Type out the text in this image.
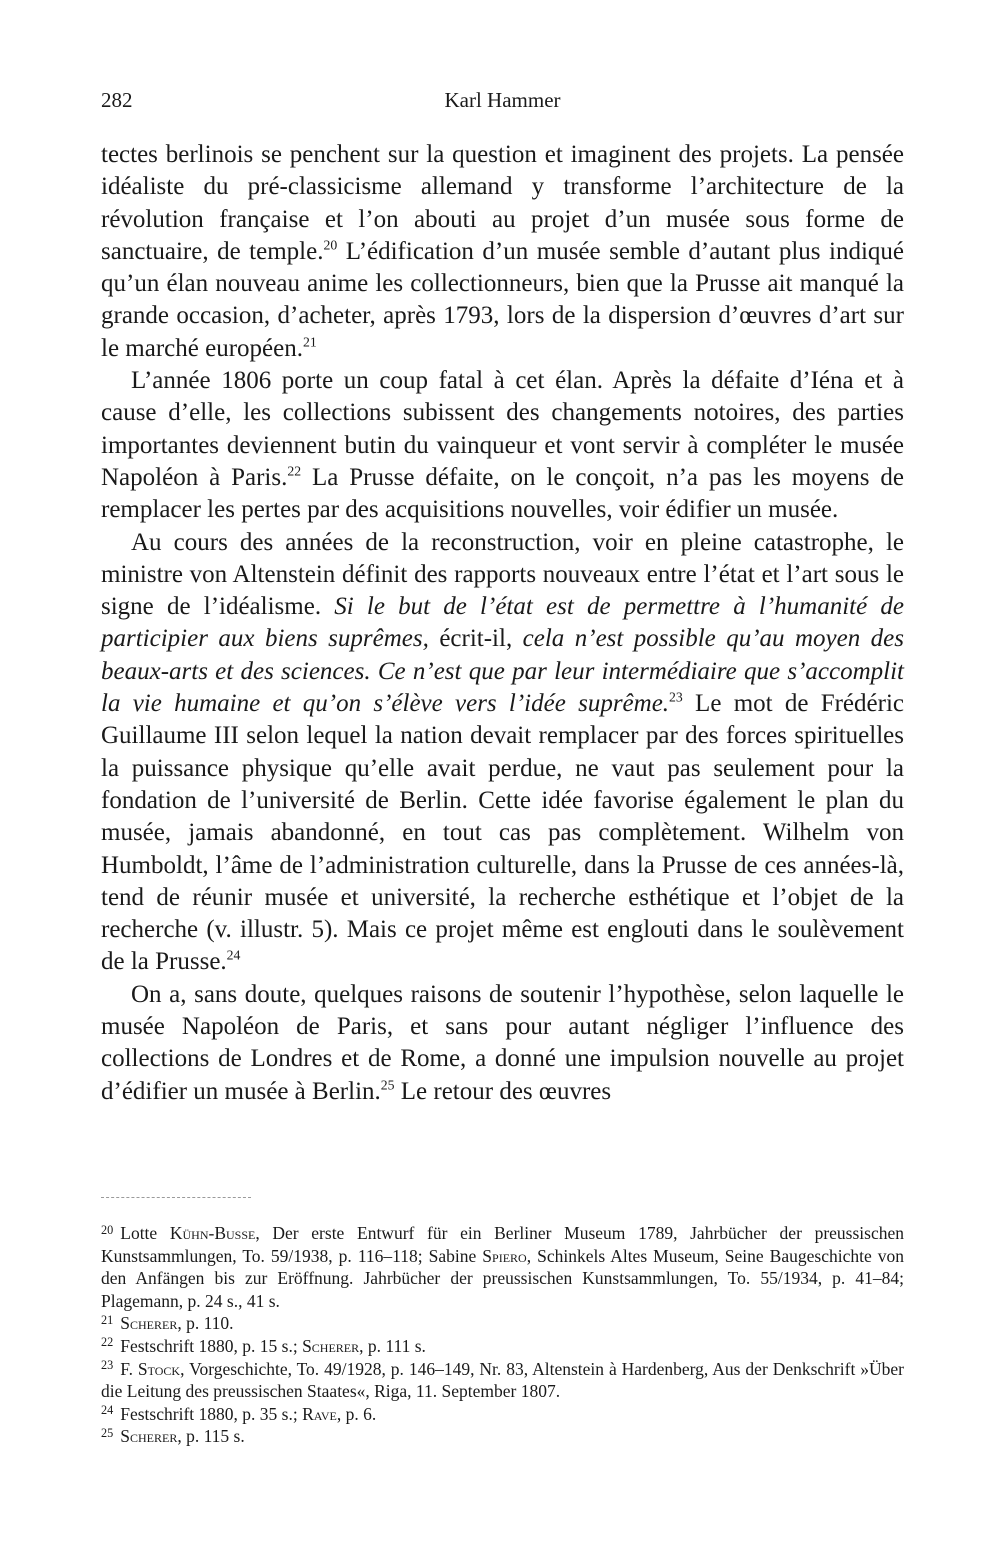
282	Karl Hammer

tectes berlinois se penchent sur la question et imaginent des projets. La pensée idéaliste du pré-classicisme allemand y transforme l’architecture de la révolution française et l’on abouti au projet d’un musée sous forme de sanctuaire, de temple.$^{20}$ L’édification d’un musée semble d’autant plus indiqué qu’un élan nouveau anime les collectionneurs, bien que la Prusse ait manqué la grande occasion, d’acheter, après 1793, lors de la dispersion d’œuvres d’art sur le marché européen.$^{21}$

L’année 1806 porte un coup fatal à cet élan. Après la défaite d’Iéna et à cause d’elle, les collections subissent des changements notoires, des parties importantes deviennent butin du vainqueur et vont servir à compléter le musée Napoléon à Paris.$^{22}$ La Prusse défaite, on le conçoit, n’a pas les moyens de remplacer les pertes par des acquisitions nouvelles, voir édifier un musée.

Au cours des années de la reconstruction, voir en pleine catastrophe, le ministre von Altenstein définit des rapports nouveaux entre l’état et l’art sous le signe de l’idéalisme. Si le but de l’état est de permettre à l’humanité de participier aux biens suprêmes, écrit-il, cela n’est possible qu’au moyen des beaux-arts et des sciences. Ce n’est que par leur intermédiaire que s’accomplit la vie humaine et qu’on s’élève vers l’idée suprême.$^{23}$ Le mot de Frédéric Guillaume III selon lequel la nation devait remplacer par des forces spirituelles la puissance physique qu’elle avait perdue, ne vaut pas seulement pour la fondation de l’université de Berlin. Cette idée favorise également le plan du musée, jamais abandonné, en tout cas pas complètement. Wilhelm von Humboldt, l’âme de l’administration culturelle, dans la Prusse de ces années-là, tend de réunir musée et université, la recherche esthétique et l’objet de la recherche (v. illustr. 5). Mais ce projet même est englouti dans le soulèvement de la Prusse.$^{24}$

On a, sans doute, quelques raisons de soutenir l’hypothèse, selon laquelle le musée Napoléon de Paris, et sans pour autant négliger l’influence des collections de Londres et de Rome, a donné une impulsion nouvelle au projet d’édifier un musée à Berlin.$^{25}$ Le retour des œuvres

$^{20}$ Lotte Kühn-Busse, Der erste Entwurf für ein Berliner Museum 1789, Jahrbücher der preussischen Kunstsammlungen, To. 59/1938, p. 116–118; Sabine Spiero, Schinkels Altes Museum, Seine Baugeschichte von den Anfängen bis zur Eröffnung. Jahrbücher der preussischen Kunstsammlungen, To. 55/1934, p. 41–84; Plagemann, p. 24 s., 41 s.

$^{21}$ Scherer, p. 110.

$^{22}$ Festschrift 1880, p. 15 s.; Scherer, p. 111 s.

$^{23}$ F. Stock, Vorgeschichte, To. 49/1928, p. 146–149, Nr. 83, Altenstein à Hardenberg, Aus der Denkschrift »Über die Leitung des preussischen Staates«, Riga, 11. September 1807.

$^{24}$ Festschrift 1880, p. 35 s.; Rave, p. 6.

$^{25}$ Scherer, p. 115 s.
